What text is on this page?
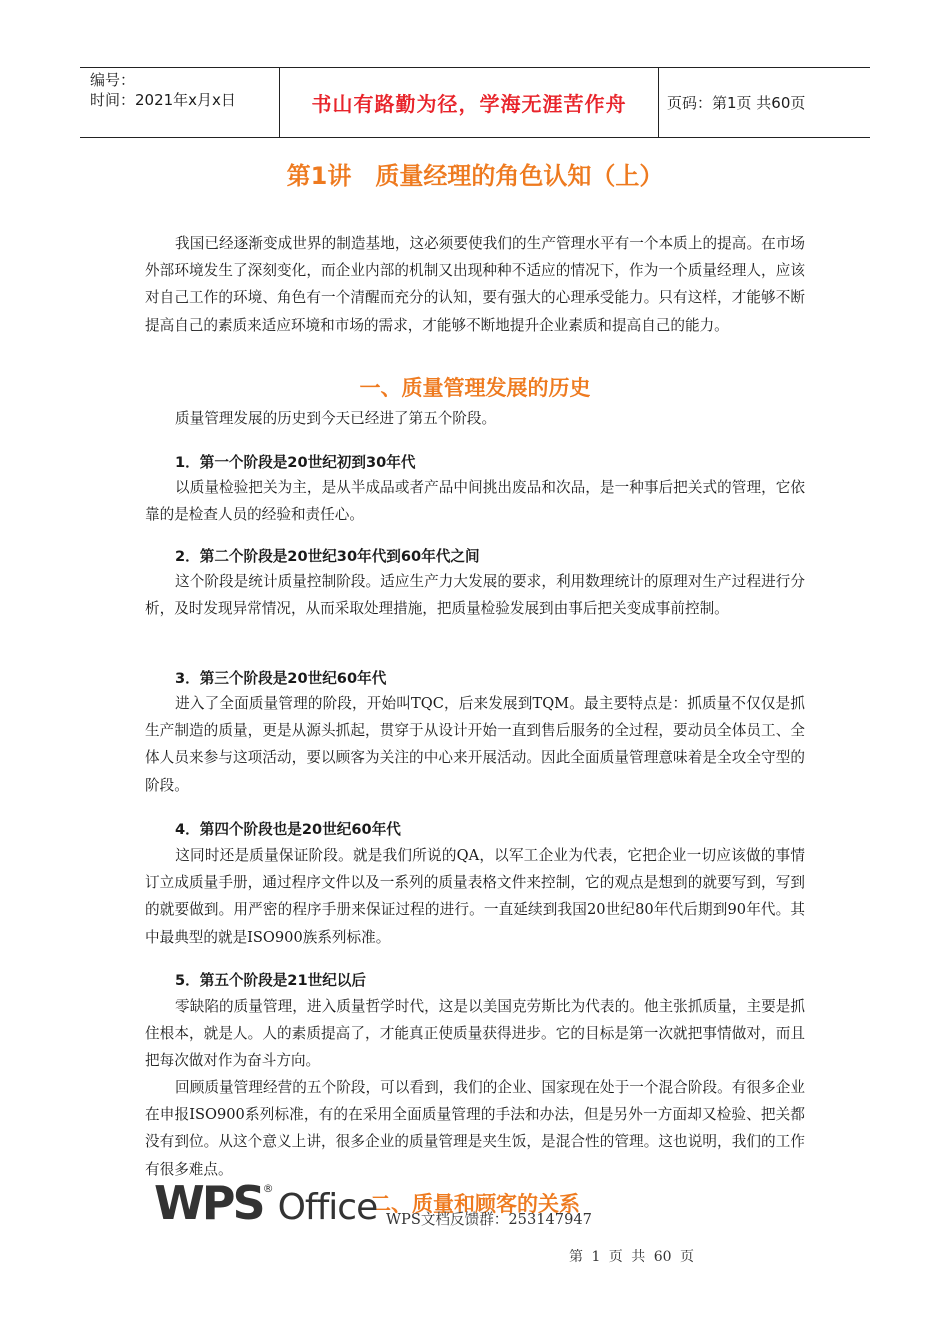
编号：
时间：2021年x月x日	书山有路勤为径，学海无涯苦作舟	页码：第1页 共60页
第1讲　质量经理的角色认知（上）
我国已经逐渐变成世界的制造基地，这必须要使我们的生产管理水平有一个本质上的提高。在市场外部环境发生了深刻变化，而企业内部的机制又出现种种不适应的情况下，作为一个质量经理人，应该对自己工作的环境、角色有一个清醒而充分的认知，要有强大的心理承受能力。只有这样，才能够不断提高自己的素质来适应环境和市场的需求，才能够不断地提升企业素质和提高自己的能力。
一、质量管理发展的历史
质量管理发展的历史到今天已经进了第五个阶段。
1．第一个阶段是20世纪初到30年代
以质量检验把关为主，是从半成品或者产品中间挑出废品和次品，是一种事后把关式的管理，它依靠的是检查人员的经验和责任心。
2．第二个阶段是20世纪30年代到60年代之间
这个阶段是统计质量控制阶段。适应生产力大发展的要求，利用数理统计的原理对生产过程进行分析，及时发现异常情况，从而采取处理措施，把质量检验发展到由事后把关变成事前控制。
3．第三个阶段是20世纪60年代
进入了全面质量管理的阶段，开始叫TQC，后来发展到TQM。最主要特点是：抓质量不仅仅是抓生产制造的质量，更是从源头抓起，贯穿于从设计开始一直到售后服务的全过程，要动员全体员工、全体人员来参与这项活动，要以顾客为关注的中心来开展活动。因此全面质量管理意味着是全攻全守型的阶段。
4．第四个阶段也是20世纪60年代
这同时还是质量保证阶段。就是我们所说的QA，以军工企业为代表，它把企业一切应该做的事情订立成质量手册，通过程序文件以及一系列的质量表格文件来控制，它的观点是想到的就要写到，写到的就要做到。用严密的程序手册来保证过程的进行。一直延续到我国20世纪80年代后期到90年代。其中最典型的就是ISO900族系列标准。
5．第五个阶段是21世纪以后
零缺陷的质量管理，进入质量哲学时代，这是以美国克劳斯比为代表的。他主张抓质量，主要是抓住根本，就是人。人的素质提高了，才能真正使质量获得进步。它的目标是第一次就把事情做对，而且把每次做对作为奋斗方向。
回顾质量管理经营的五个阶段，可以看到，我们的企业、国家现在处于一个混合阶段。有很多企业在申报ISO900系列标准，有的在采用全面质量管理的手法和办法，但是另外一方面却又检验、把关都没有到位。从这个意义上讲，很多企业的质量管理是夹生饭，是混合性的管理。这也说明，我们的工作有很多难点。
二、质量和顾客的关系
WPS ® Office WPS文档反馈群：253147947
第 1 页 共 60 页
